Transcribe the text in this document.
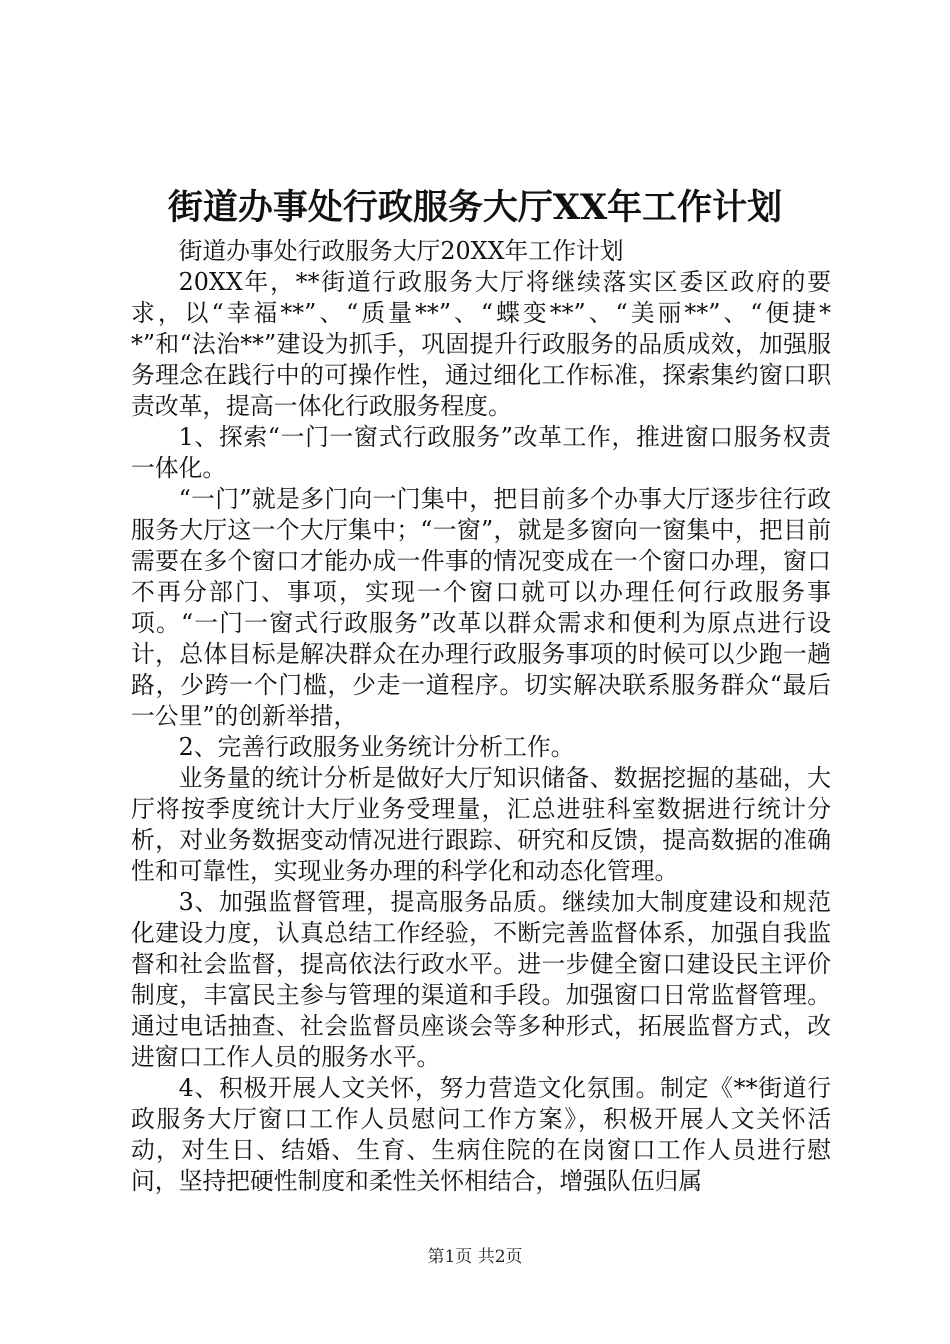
街道办事处行政服务大厅XX年工作计划

街道办事处行政服务大厅20XX年工作计划

20XX年，**街道行政服务大厅将继续落实区委区政府的要求，以“幸福**”、“质量**”、“蝶变**”、“美丽**”、“便捷**”和“法治**”建设为抓手，巩固提升行政服务的品质成效，加强服务理念在践行中的可操作性，通过细化工作标准，探索集约窗口职责改革，提高一体化行政服务程度。

1、探索“一门一窗式行政服务”改革工作，推进窗口服务权责一体化。

“一门”就是多门向一门集中，把目前多个办事大厅逐步往行政服务大厅这一个大厅集中；“一窗”，就是多窗向一窗集中，把目前需要在多个窗口才能办成一件事的情况变成在一个窗口办理，窗口不再分部门、事项，实现一个窗口就可以办理任何行政服务事项。“一门一窗式行政服务”改革以群众需求和便利为原点进行设计，总体目标是解决群众在办理行政服务事项的时候可以少跑一趟路，少跨一个门槛，少走一道程序。切实解决联系服务群众“最后一公里”的创新举措，

2、完善行政服务业务统计分析工作。

业务量的统计分析是做好大厅知识储备、数据挖掘的基础，大厅将按季度统计大厅业务受理量，汇总进驻科室数据进行统计分析，对业务数据变动情况进行跟踪、研究和反馈，提高数据的准确性和可靠性，实现业务办理的科学化和动态化管理。

3、加强监督管理，提高服务品质。继续加大制度建设和规范化建设力度，认真总结工作经验，不断完善监督体系，加强自我监督和社会监督，提高依法行政水平。进一步健全窗口建设民主评价制度，丰富民主参与管理的渠道和手段。加强窗口日常监督管理。通过电话抽查、社会监督员座谈会等多种形式，拓展监督方式，改进窗口工作人员的服务水平。

4、积极开展人文关怀，努力营造文化氛围。制定《**街道行政服务大厅窗口工作人员慰问工作方案》，积极开展人文关怀活动，对生日、结婚、生育、生病住院的在岗窗口工作人员进行慰问，坚持把硬性制度和柔性关怀相结合，增强队伍归属

第1页 共2页
